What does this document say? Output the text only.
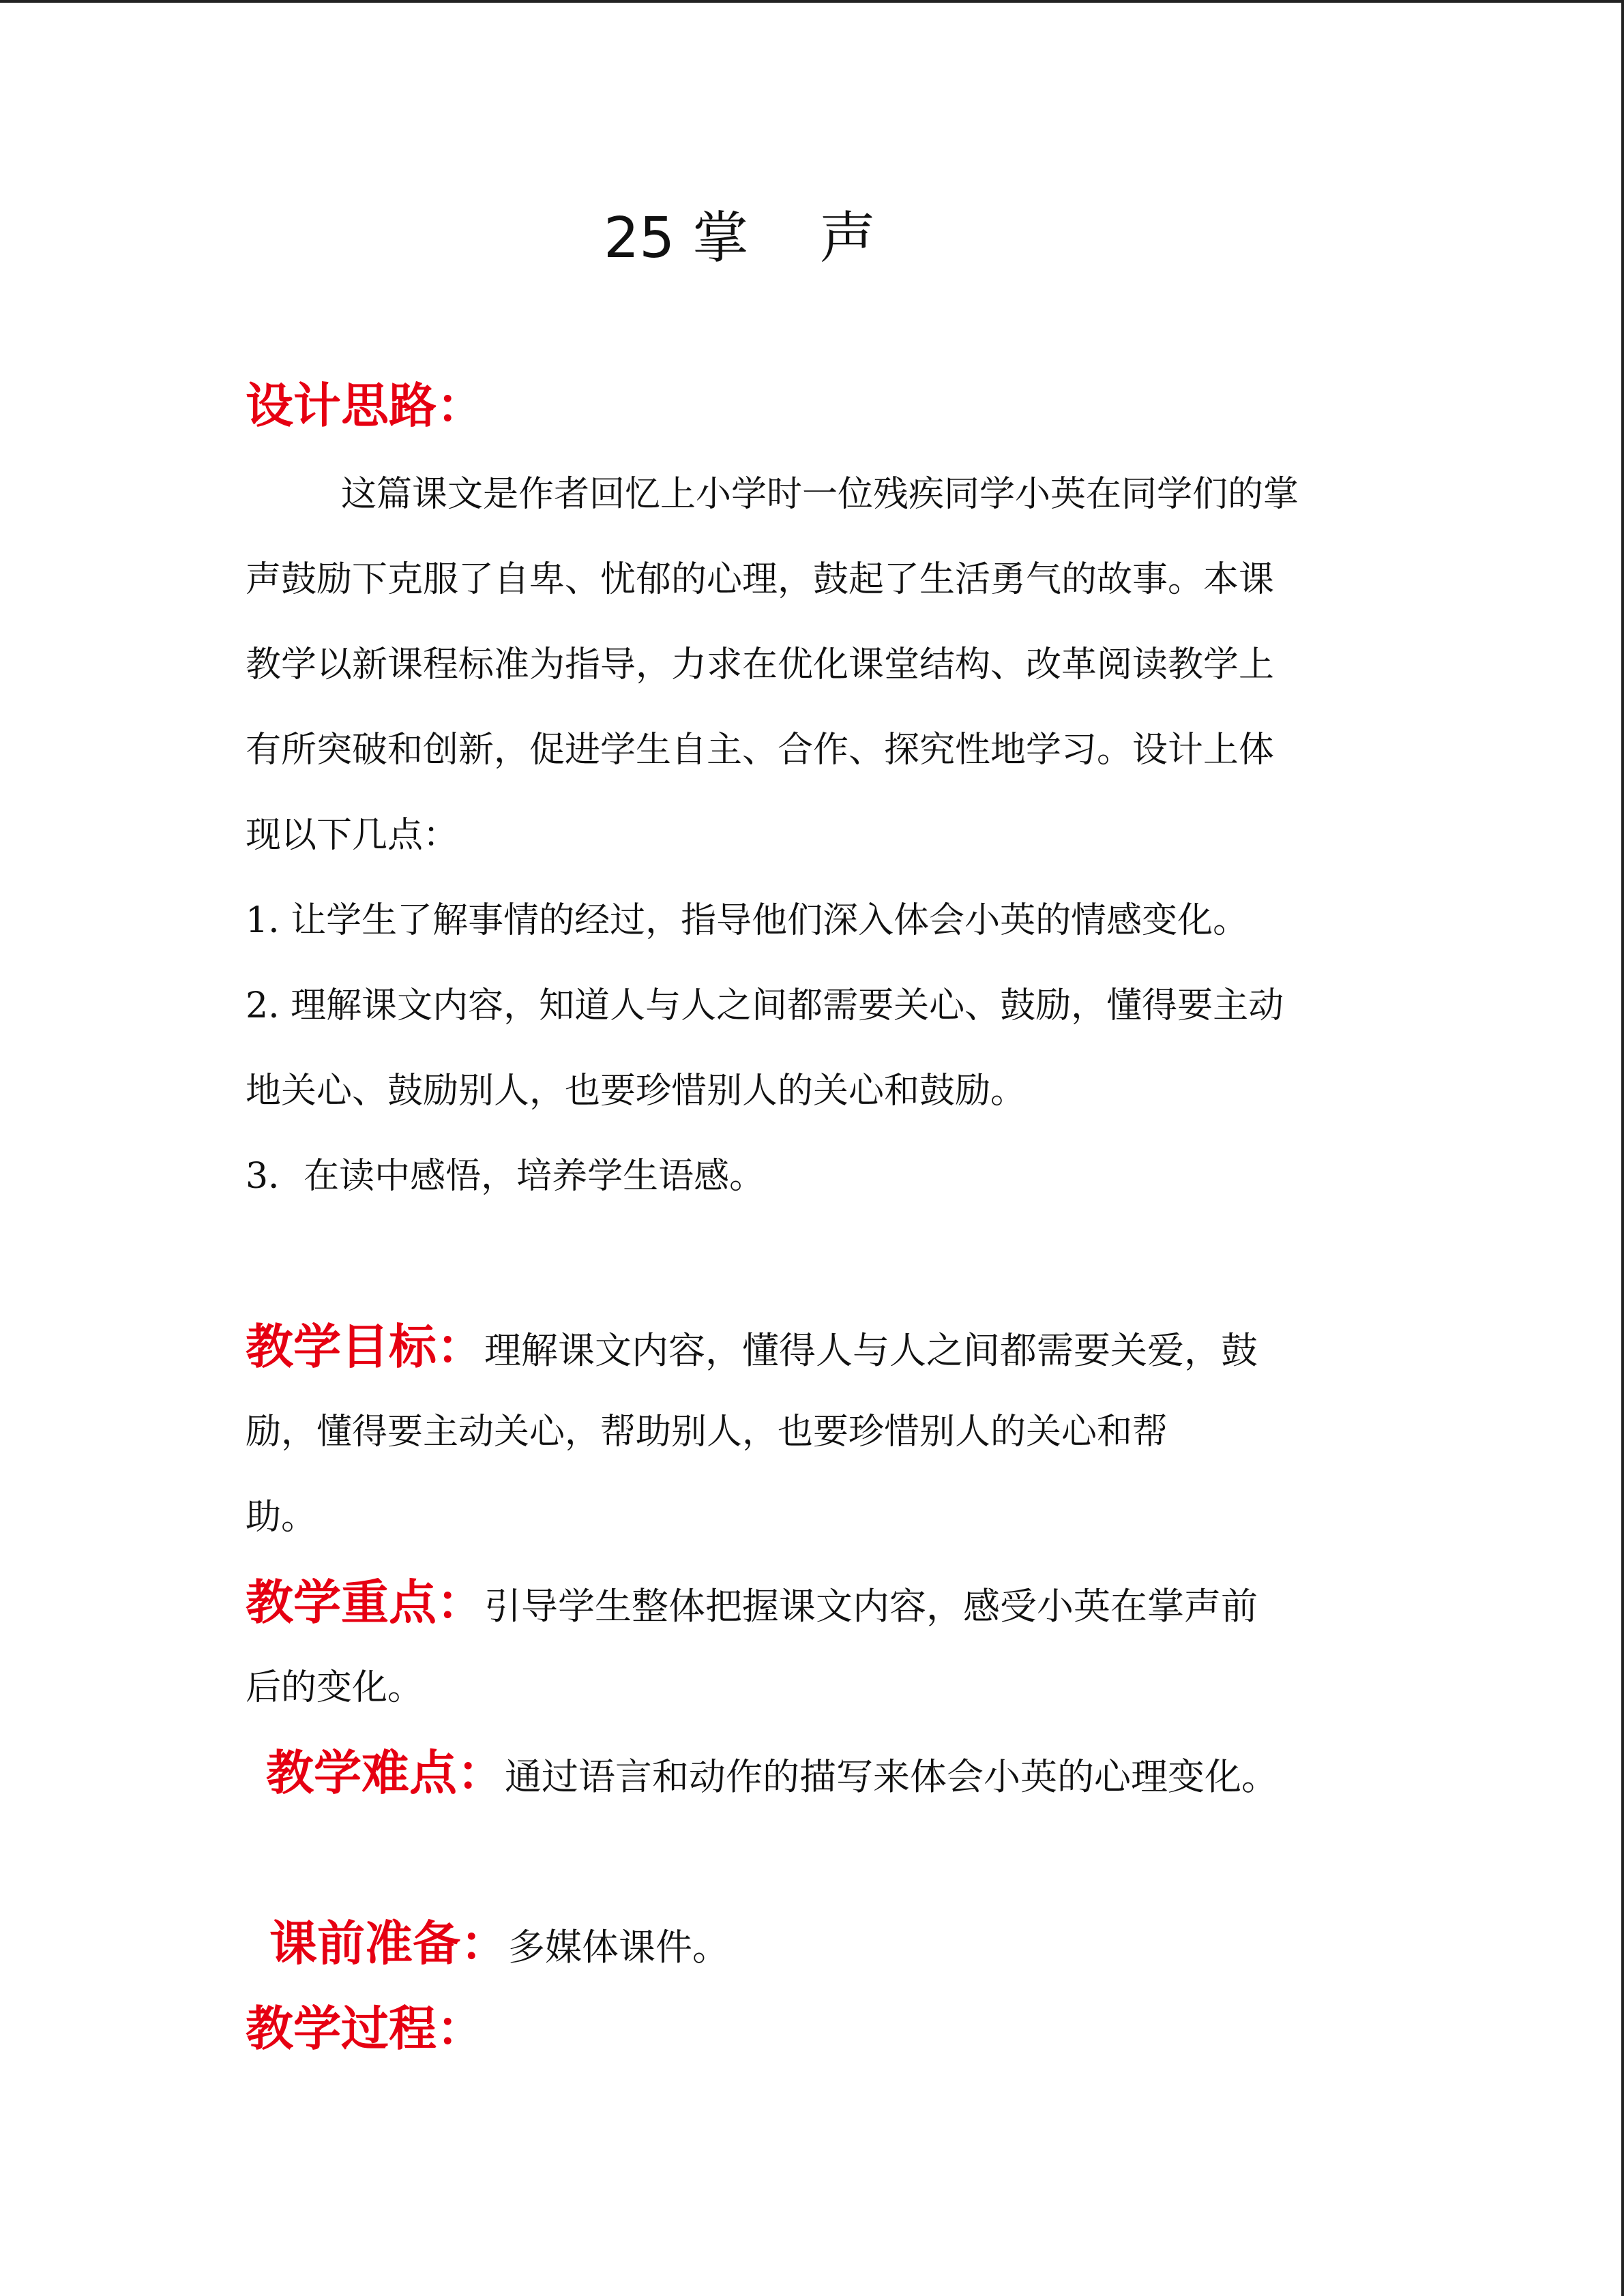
25 掌    声
设计思路：
这篇课文是作者回忆上小学时一位残疾同学小英在同学们的掌
声鼓励下克服了自卑、忧郁的心理，鼓起了生活勇气的故事。本课
教学以新课程标准为指导，力求在优化课堂结构、改革阅读教学上
有所突破和创新，促进学生自主、合作、探究性地学习。设计上体
现以下几点：
1. 让学生了解事情的经过，指导他们深入体会小英的情感变化。
2. 理解课文内容，知道人与人之间都需要关心、鼓励，懂得要主动
地关心、鼓励别人，也要珍惜别人的关心和鼓励。
3．在读中感悟，培养学生语感。
教学目标：理解课文内容，懂得人与人之间都需要关爱，鼓
励，懂得要主动关心，帮助别人，也要珍惜别人的关心和帮
助。
教学重点：引导学生整体把握课文内容，感受小英在掌声前
后的变化。
教学难点：通过语言和动作的描写来体会小英的心理变化。
课前准备：多媒体课件。
教学过程：
